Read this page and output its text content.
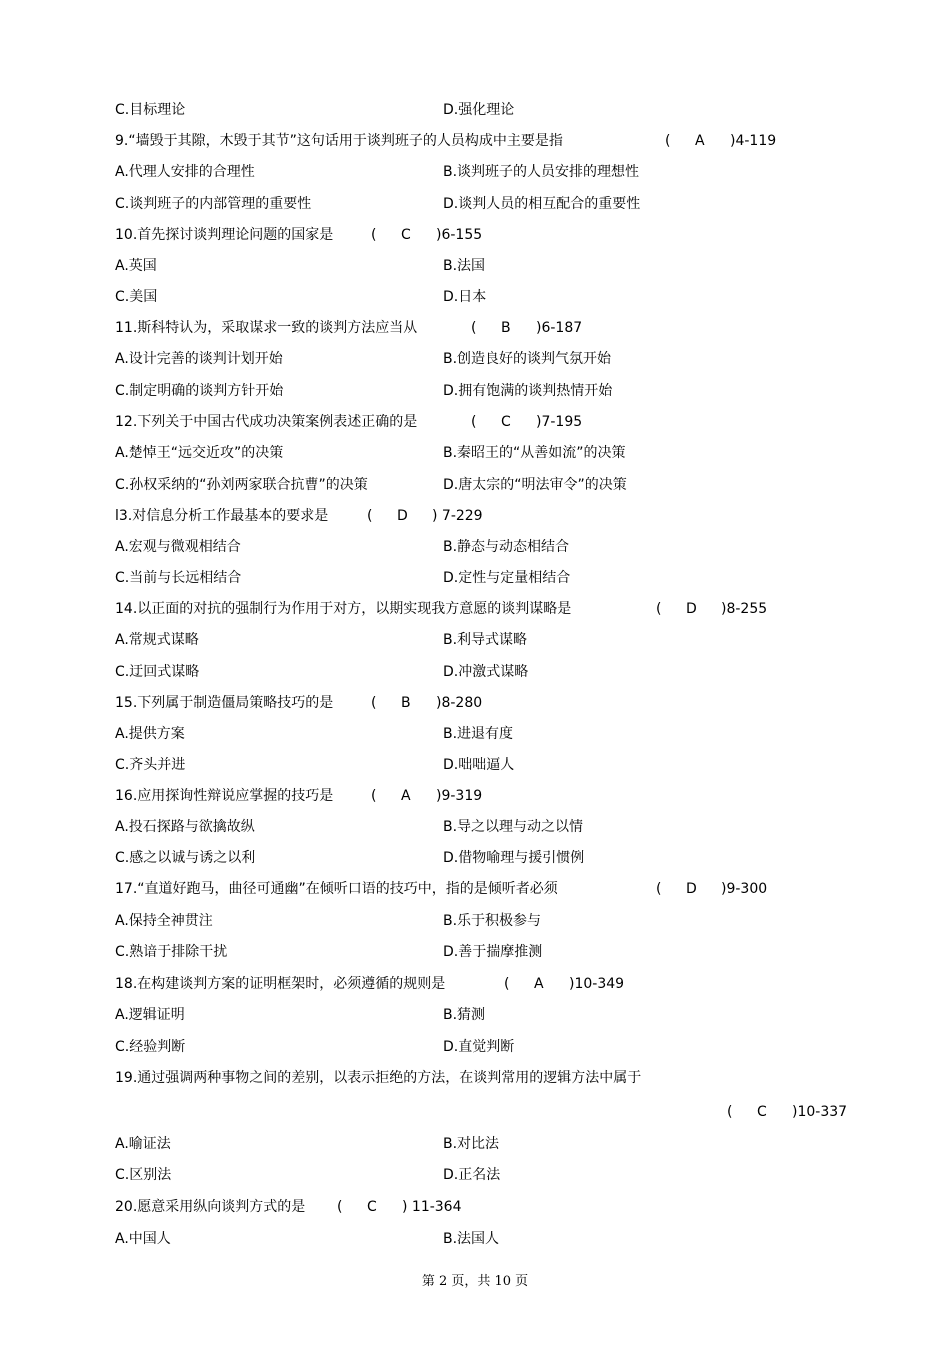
C.目标理论	D.强化理论
9.“墙毁于其隙，木毁于其节”这句话用于谈判班子的人员构成中主要是指	( A )4-119
A.代理人安排的合理性	B.谈判班子的人员安排的理想性
C.谈判班子的内部管理的重要性	D.谈判人员的相互配合的重要性
10.首先探讨谈判理论问题的国家是	( C )6-155
A.英国	B.法国
C.美国	D.日本
11.斯科特认为，采取谋求一致的谈判方法应当从	( B )6-187
A.设计完善的谈判计划开始	B.创造良好的谈判气氛开始
C.制定明确的谈判方针开始	D.拥有饱满的谈判热情开始
12.下列关于中国古代成功决策案例表述正确的是	( C )7-195
A.楚悼王“远交近攻”的决策	B.秦昭王的“从善如流”的决策
C.孙权采纳的“孙刘两家联合抗曹”的决策	D.唐太宗的“明法审令”的决策
l3.对信息分析工作最基本的要求是	( D ) 7-229
A.宏观与微观相结合	B.静态与动态相结合
C.当前与长远相结合	D.定性与定量相结合
14.以正面的对抗的强制行为作用于对方，以期实现我方意愿的谈判谋略是	( D )8-255
A.常规式谋略	B.利导式谋略
C.迂回式谋略	D.冲激式谋略
15.下列属于制造僵局策略技巧的是	( B )8-280
A.提供方案	B.进退有度
C.齐头并进	D.咄咄逼人
16.应用探询性辩说应掌握的技巧是	( A )9-319
A.投石探路与欲擒故纵	B.导之以理与动之以情
C.感之以诚与诱之以利	D.借物喻理与援引惯例
17.“直道好跑马，曲径可通幽”在倾听口语的技巧中，指的是倾听者必须	( D )9-300
A.保持全神贯注	B.乐于积极参与
C.熟谙于排除干扰	D.善于揣摩推测
18.在构建谈判方案的证明框架时，必须遵循的规则是	( A )10-349
A.逻辑证明	B.猜测
C.经验判断	D.直觉判断
19.通过强调两种事物之间的差别，以表示拒绝的方法，在谈判常用的逻辑方法中属于
( C )10-337
A.喻证法	B.对比法
C.区别法	D.正名法
20.愿意采用纵向谈判方式的是 ( C ) 11-364
A.中国人	B.法国人
第 2 页，共 10 页
